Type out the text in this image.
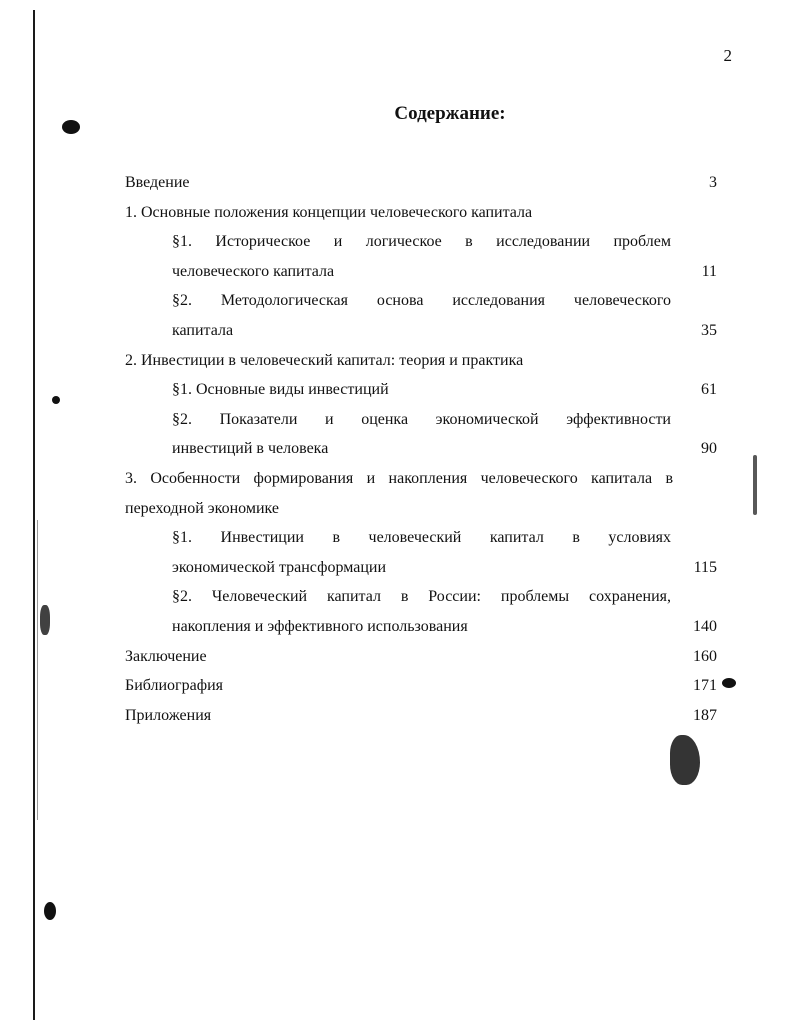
2
Содержание:
Введение	3
1. Основные положения концепции человеческого капитала
§1. Историческое и логическое в исследовании проблем
человеческого капитала	11
§2. Методологическая основа исследования человеческого
капитала	35
2. Инвестиции в человеческий капитал: теория и практика
§1. Основные виды инвестиций	61
§2. Показатели и оценка экономической эффективности
инвестиций в человека	90
3. Особенности формирования и накопления человеческого капитала в
переходной экономике
§1. Инвестиции в человеческий капитал в условиях
экономической трансформации	115
§2. Человеческий капитал в России: проблемы сохранения,
накопления и эффективного использования	140
Заключение	160
Библиография	171
Приложения	187
